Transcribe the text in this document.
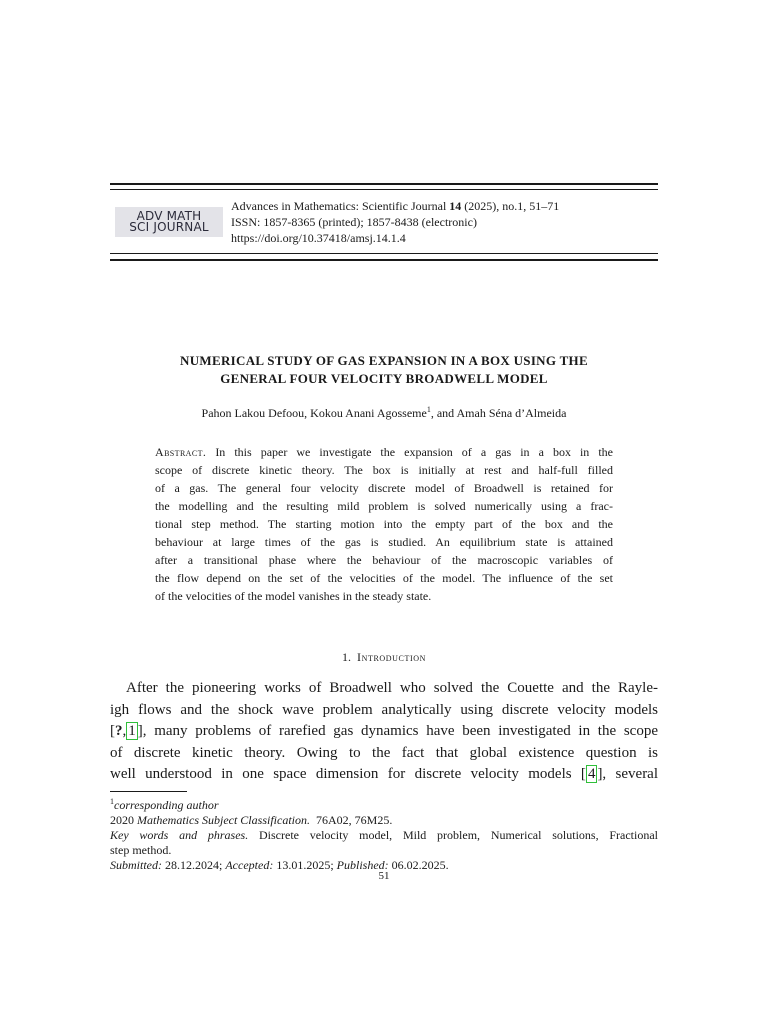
ADV MATH
SCI JOURNAL
Advances in Mathematics: Scientific Journal 14 (2025), no.1, 51–71
ISSN: 1857-8365 (printed); 1857-8438 (electronic)
https://doi.org/10.37418/amsj.14.1.4
NUMERICAL STUDY OF GAS EXPANSION IN A BOX USING THE
GENERAL FOUR VELOCITY BROADWELL MODEL
Pahon Lakou Defoou, Kokou Anani Agosseme$^1$, and Amah Séna d’Almeida
Abstract. In this paper we investigate the expansion of a gas in a box in the
scope of discrete kinetic theory. The box is initially at rest and half-full filled
of a gas. The general four velocity discrete model of Broadwell is retained for
the modelling and the resulting mild problem is solved numerically using a frac-
tional step method. The starting motion into the empty part of the box and the
behaviour at large times of the gas is studied. An equilibrium state is attained
after a transitional phase where the behaviour of the macroscopic variables of
the flow depend on the set of the velocities of the model. The influence of the set
of the velocities of the model vanishes in the steady state.
1. Introduction
After the pioneering works of Broadwell who solved the Couette and the Rayle-
igh flows and the shock wave problem analytically using discrete velocity models
[?, 1 ], many problems of rarefied gas dynamics have been investigated in the scope
of discrete kinetic theory. Owing to the fact that global existence question is
well understood in one space dimension for discrete velocity models [ 4 ], several
$^1$corresponding author
2020 Mathematics Subject Classification. 76A02, 76M25.
Key words and phrases. Discrete velocity model, Mild problem, Numerical solutions, Fractional
step method.
Submitted: 28.12.2024; Accepted: 13.01.2025; Published: 06.02.2025.
51
